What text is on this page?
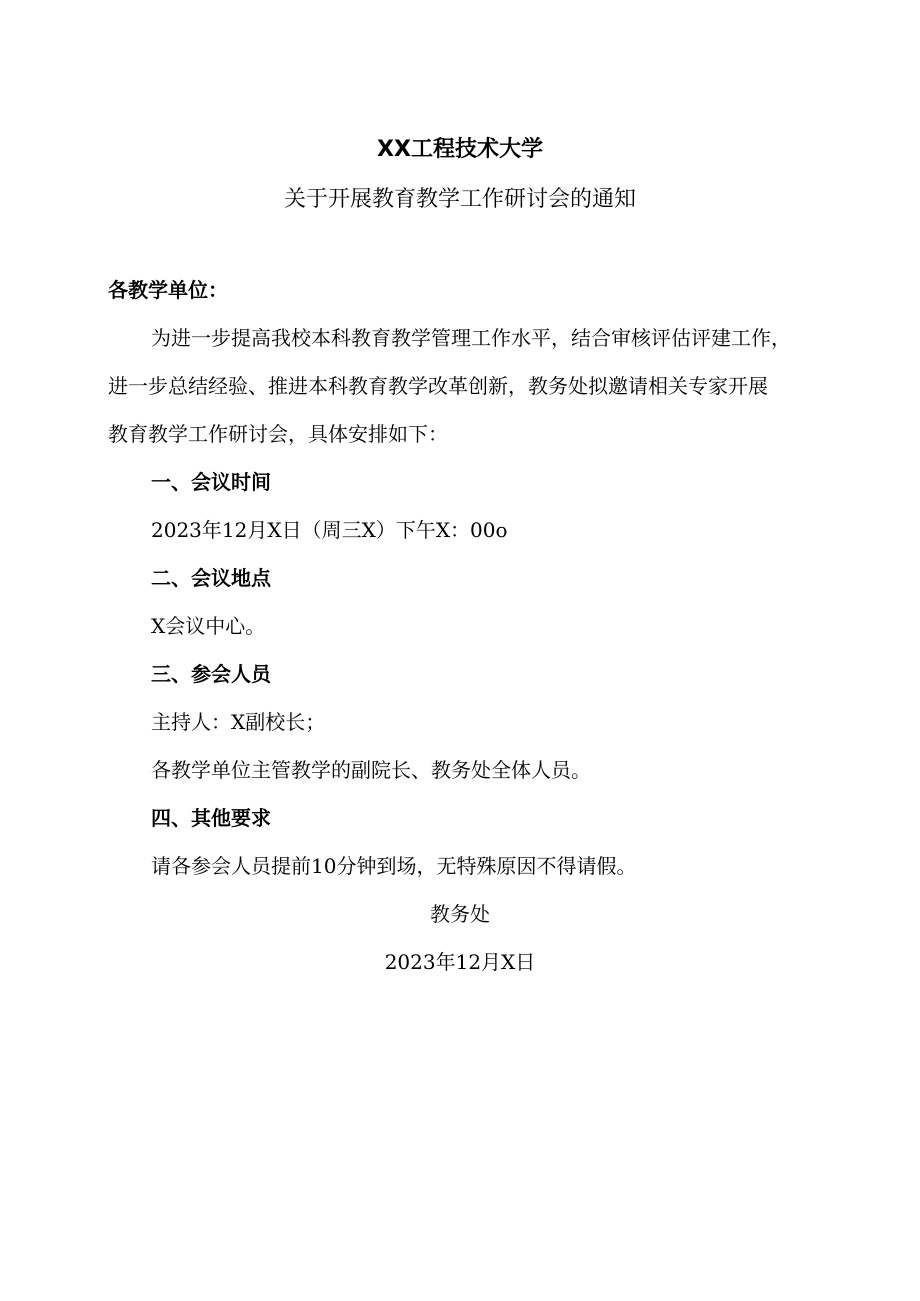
XX工程技术大学
关于开展教育教学工作研讨会的通知
各教学单位：
为进一步提高我校本科教育教学管理工作水平，结合审核评估评建工作，
进一步总结经验、推进本科教育教学改革创新，教务处拟邀请相关专家开展
教育教学工作研讨会，具体安排如下：
一、会议时间
2023年12月X日（周三X）下午X：00o
二、会议地点
X会议中心。
三、参会人员
主持人：X副校长；
各教学单位主管教学的副院长、教务处全体人员。
四、其他要求
请各参会人员提前10分钟到场，无特殊原因不得请假。
教务处
2023年12月X日
